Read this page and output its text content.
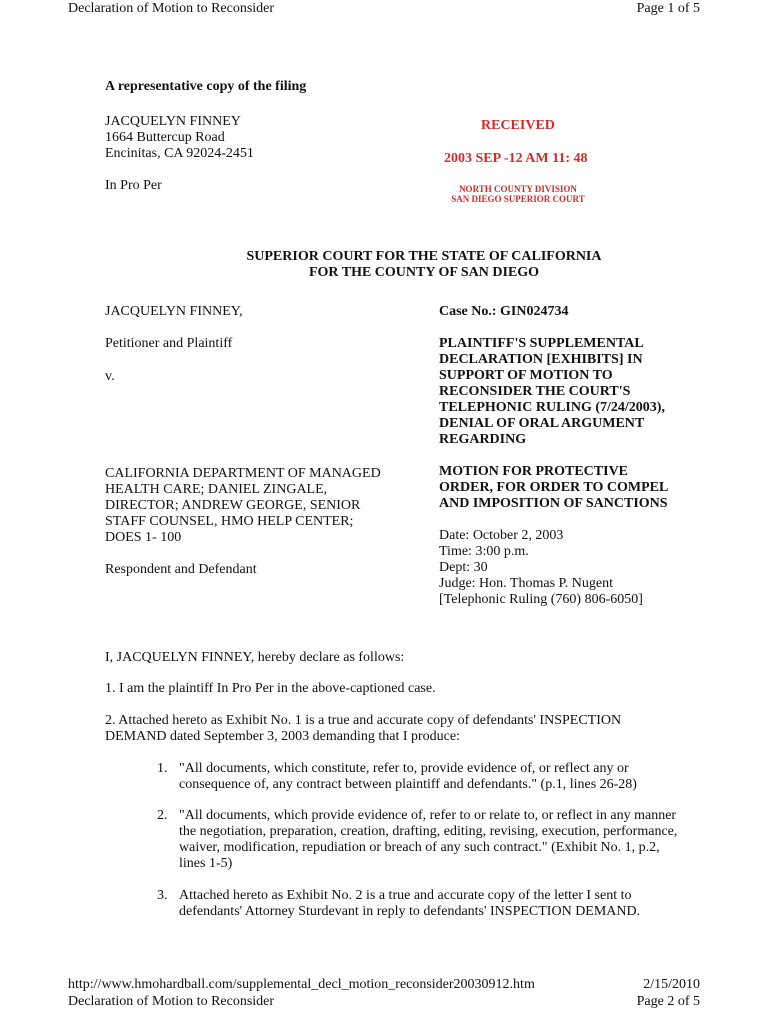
Declaration of Motion to Reconsider	Page 1 of 5
A representative copy of the filing
JACQUELYN FINNEY
1664 Buttercup Road
Encinitas, CA 92024-2451
In Pro Per
RECEIVED
2003 SEP -12 AM 11: 48
NORTH COUNTY DIVISION
SAN DIEGO SUPERIOR COURT
SUPERIOR COURT FOR THE STATE OF CALIFORNIA
FOR THE COUNTY OF SAN DIEGO
JACQUELYN FINNEY,
Petitioner and Plaintiff
v.
CALIFORNIA DEPARTMENT OF MANAGED
HEALTH CARE; DANIEL ZINGALE,
DIRECTOR; ANDREW GEORGE, SENIOR
STAFF COUNSEL, HMO HELP CENTER;
DOES 1- 100
Respondent and Defendant
Case No.: GIN024734
PLAINTIFF'S SUPPLEMENTAL
DECLARATION [EXHIBITS] IN
SUPPORT OF MOTION TO
RECONSIDER THE COURT'S
TELEPHONIC RULING (7/24/2003),
DENIAL OF ORAL ARGUMENT
REGARDING
MOTION FOR PROTECTIVE
ORDER, FOR ORDER TO COMPEL
AND IMPOSITION OF SANCTIONS
Date: October 2, 2003
Time: 3:00 p.m.
Dept: 30
Judge: Hon. Thomas P. Nugent
[Telephonic Ruling (760) 806-6050]
I, JACQUELYN FINNEY, hereby declare as follows:
1. I am the plaintiff In Pro Per in the above-captioned case.
2. Attached hereto as Exhibit No. 1 is a true and accurate copy of defendants' INSPECTION
DEMAND dated September 3, 2003 demanding that I produce:
1. "All documents, which constitute, refer to, provide evidence of, or reflect any or
consequence of, any contract between plaintiff and defendants." (p.1, lines 26-28)
2. "All documents, which provide evidence of, refer to or relate to, or reflect in any manner
the negotiation, preparation, creation, drafting, editing, revising, execution, performance,
waiver, modification, repudiation or breach of any such contract." (Exhibit No. 1, p.2,
lines 1-5)
3. Attached hereto as Exhibit No. 2 is a true and accurate copy of the letter I sent to
defendants' Attorney Sturdevant in reply to defendants' INSPECTION DEMAND.
http://www.hmohardball.com/supplemental_decl_motion_reconsider20030912.htm	2/15/2010
Declaration of Motion to Reconsider	Page 2 of 5
